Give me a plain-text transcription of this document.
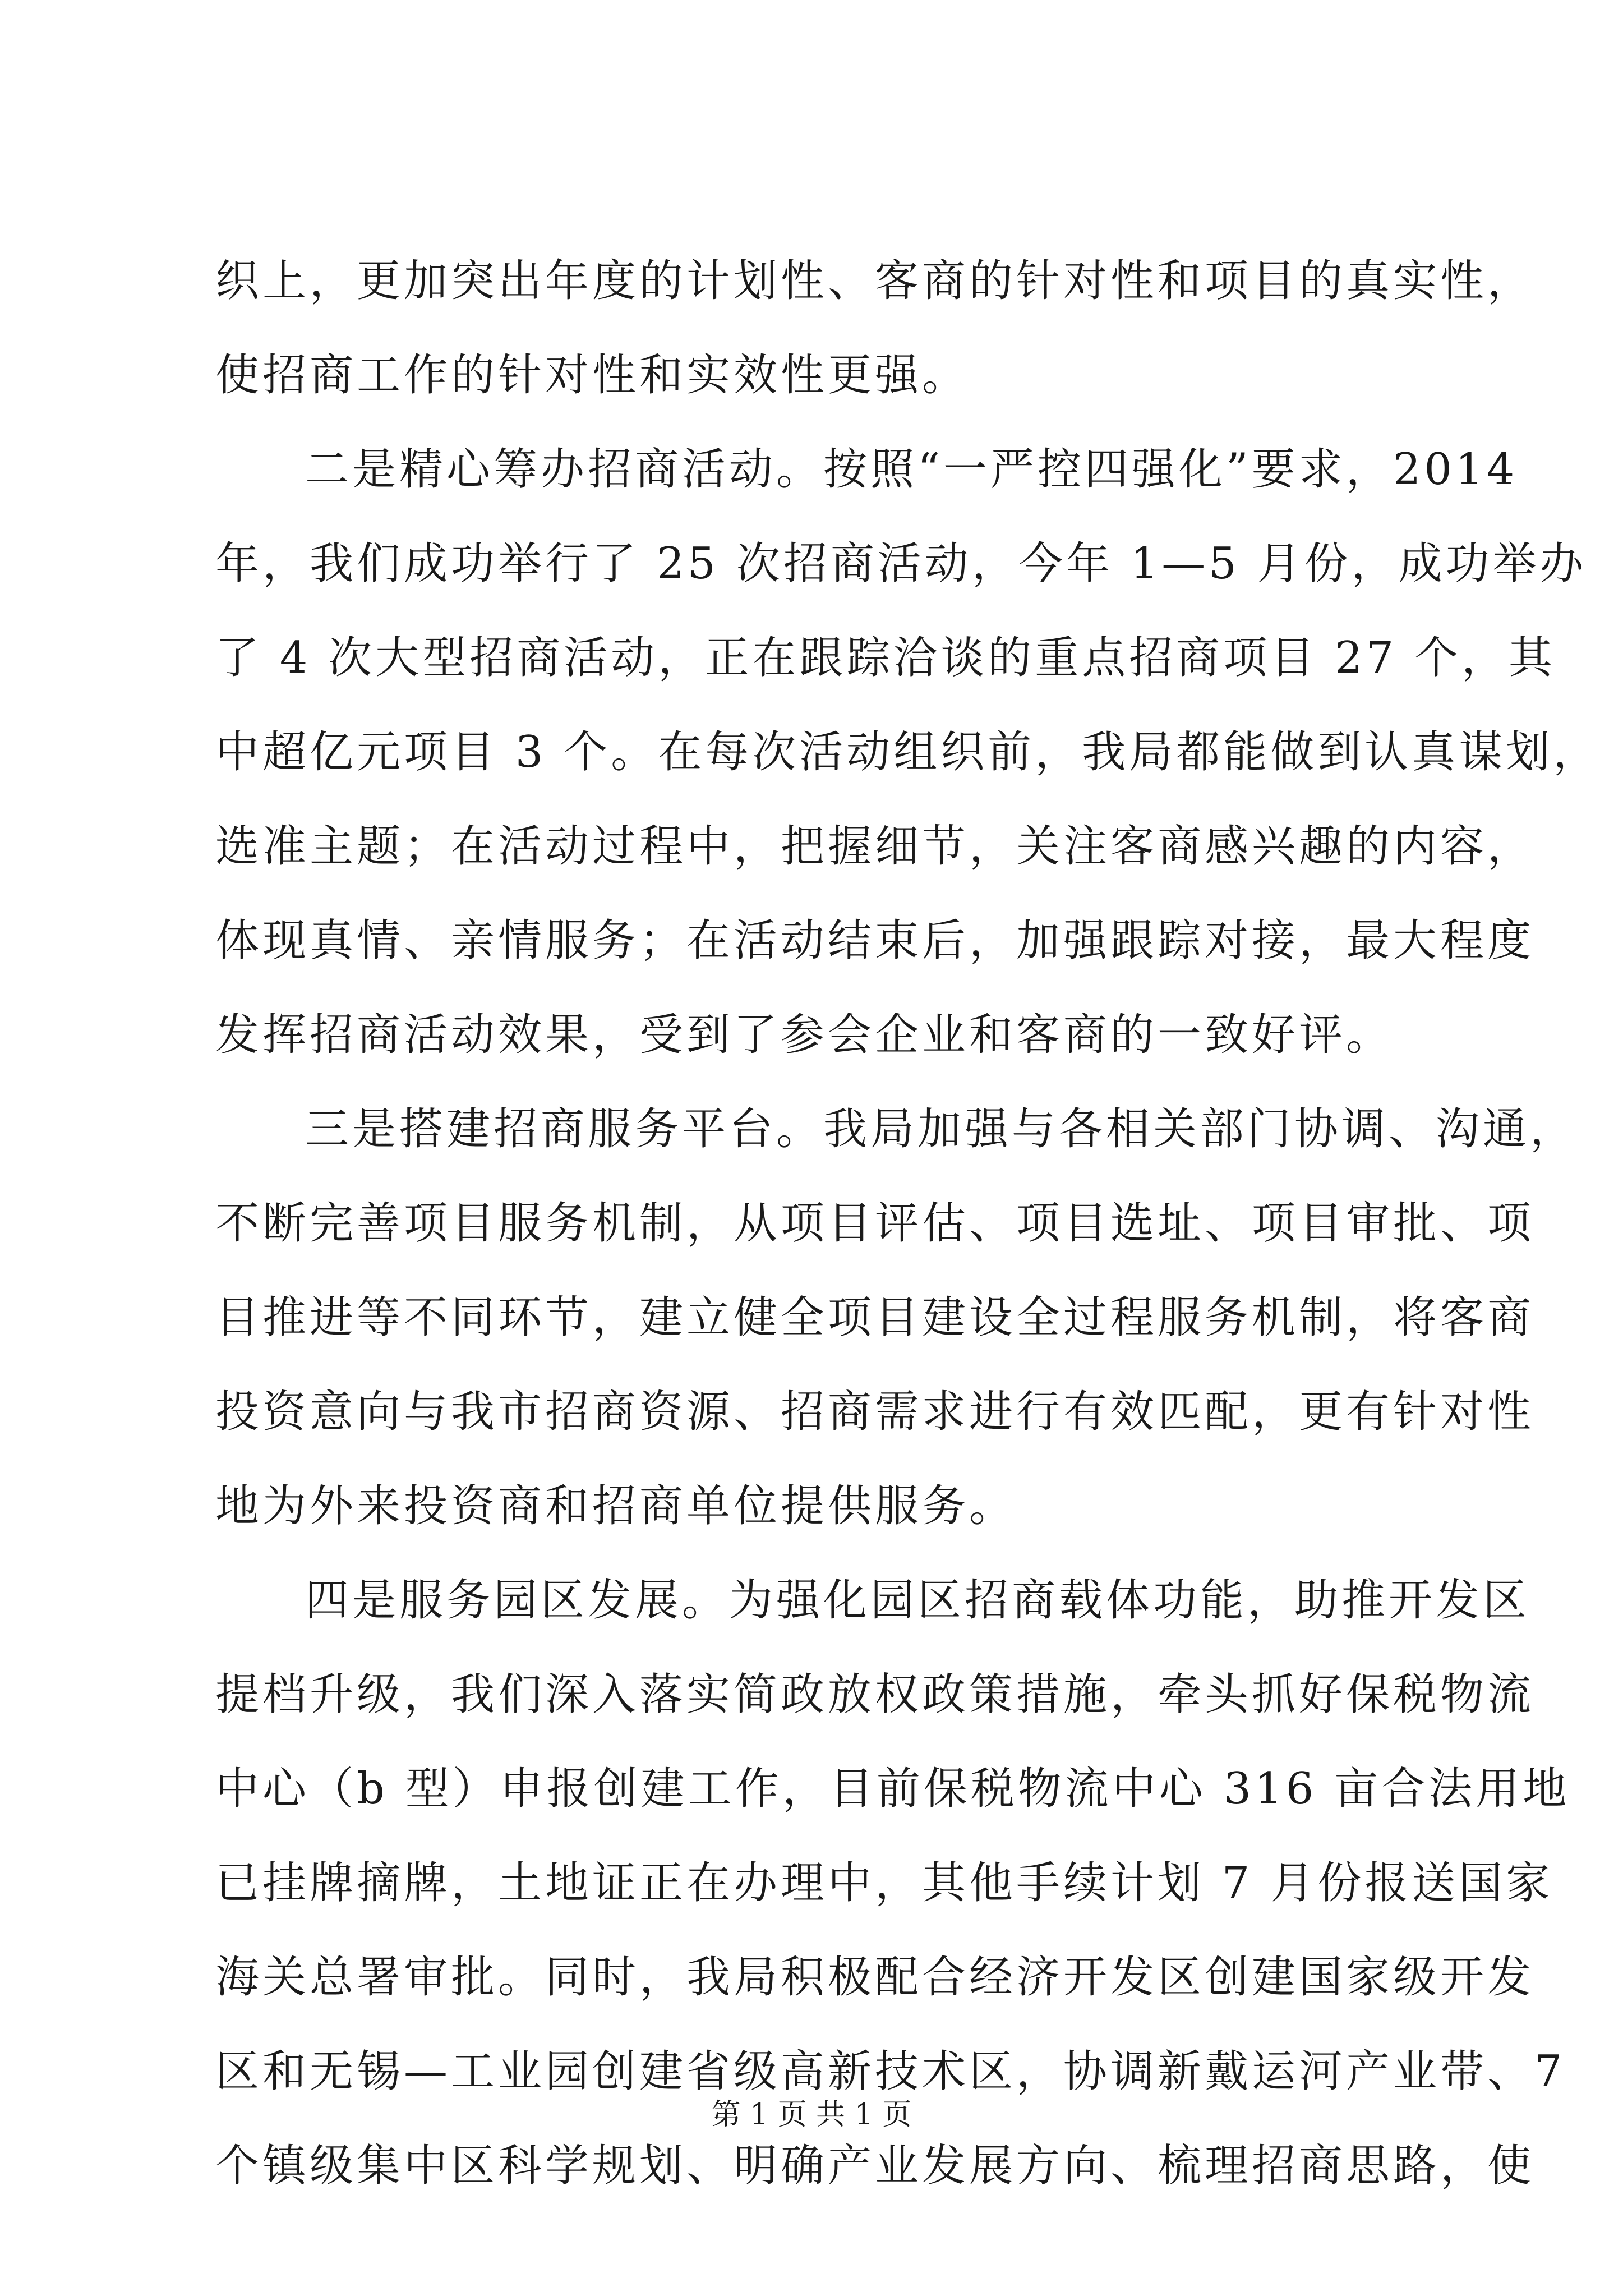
织上，更加突出年度的计划性、客商的针对性和项目的真实性，
使招商工作的针对性和实效性更强。
二是精心筹办招商活动。按照“一严控四强化”要求，2014
年，我们成功举行了 25 次招商活动，今年 1—5 月份，成功举办
了 4 次大型招商活动，正在跟踪洽谈的重点招商项目 27 个，其
中超亿元项目 3 个。在每次活动组织前，我局都能做到认真谋划，
选准主题；在活动过程中，把握细节，关注客商感兴趣的内容，
体现真情、亲情服务；在活动结束后，加强跟踪对接，最大程度
发挥招商活动效果，受到了参会企业和客商的一致好评。
三是搭建招商服务平台。我局加强与各相关部门协调、沟通，
不断完善项目服务机制，从项目评估、项目选址、项目审批、项
目推进等不同环节，建立健全项目建设全过程服务机制，将客商
投资意向与我市招商资源、招商需求进行有效匹配，更有针对性
地为外来投资商和招商单位提供服务。
四是服务园区发展。为强化园区招商载体功能，助推开发区
提档升级，我们深入落实简政放权政策措施，牵头抓好保税物流
中心（b 型）申报创建工作，目前保税物流中心 316 亩合法用地
已挂牌摘牌，土地证正在办理中，其他手续计划 7 月份报送国家
海关总署审批。同时，我局积极配合经济开发区创建国家级开发
区和无锡—工业园创建省级高新技术区，协调新戴运河产业带、7
个镇级集中区科学规划、明确产业发展方向、梳理招商思路，使
第 1 页 共 1 页
